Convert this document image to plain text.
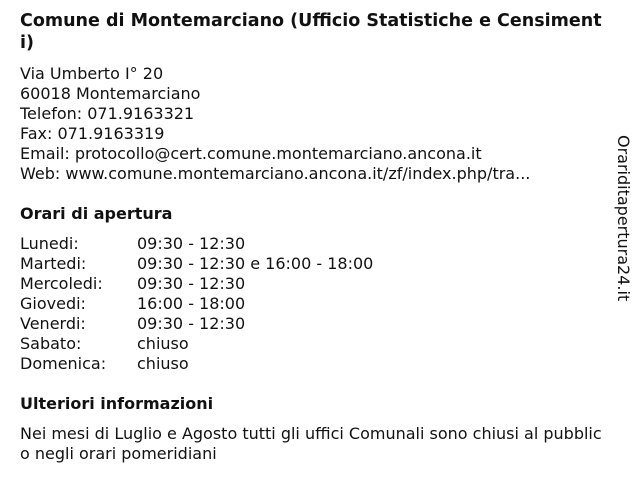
Comune di Montemarciano (Ufficio Statistiche e Censimenti)
Via Umberto I° 20
60018 Montemarciano
Telefon: 071.9163321
Fax: 071.9163319
Email: protocollo@cert.comune.montemarciano.ancona.it
Web: www.comune.montemarciano.ancona.it/zf/index.php/tra...
Orari di apertura
Lunedi:	09:30 - 12:30
Martedi:	09:30 - 12:30 e 16:00 - 18:00
Mercoledi:	09:30 - 12:30
Giovedi:	16:00 - 18:00
Venerdi:	09:30 - 12:30
Sabato:	chiuso
Domenica:	chiuso
Ulteriori informazioni
Nei mesi di Luglio e Agosto tutti gli uffici Comunali sono chiusi al pubblico negli orari pomeridiani
Orariditapertura24.it
